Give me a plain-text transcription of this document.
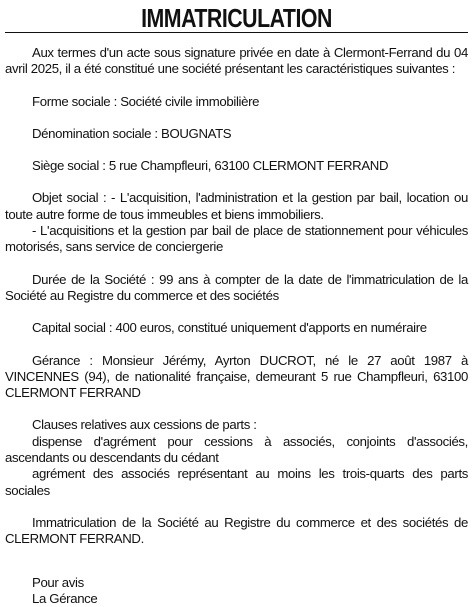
IMMATRICULATION

Aux termes d'un acte sous signature privée en date à Clermont-Ferrand du 04 avril 2025, il a été constitué une société présentant les caractéristiques suivantes :

Forme sociale : Société civile immobilière

Dénomination sociale : BOUGNATS

Siège social : 5 rue Champfleuri, 63100 CLERMONT FERRAND

Objet social : - L'acquisition, l'administration et la gestion par bail, location ou toute autre forme de tous immeubles et biens immobiliers.

- L'acquisitions et la gestion par bail de place de stationnement pour véhicules motorisés, sans service de conciergerie

Durée de la Société : 99 ans à compter de la date de l'immatriculation de la Société au Registre du commerce et des sociétés

Capital social : 400 euros, constitué uniquement d'apports en numéraire

Gérance : Monsieur Jérémy, Ayrton DUCROT, né le 27 août 1987 à VINCENNES (94), de nationalité française, demeurant 5 rue Champfleuri, 63100 CLERMONT FERRAND

Clauses relatives aux cessions de parts :

dispense d'agrément pour cessions à associés, conjoints d'associés, ascendants ou descendants du cédant

agrément des associés représentant au moins les trois-quarts des parts sociales

Immatriculation de la Société au Registre du commerce et des sociétés de CLERMONT FERRAND.

Pour avis

La Gérance
